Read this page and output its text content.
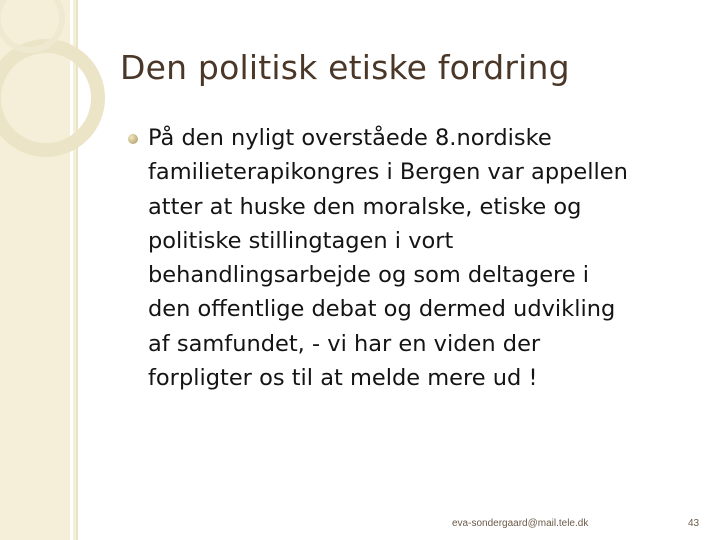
Den politisk etiske fordring
På den nyligt overståede 8.nordiske
familieterapikongres i Bergen var appellen
atter at huske den moralske, etiske og
politiske stillingtagen i vort
behandlingsarbejde og som deltagere i
den offentlige debat og dermed udvikling
af samfundet, - vi har en viden der
forpligter os til at melde mere ud !
eva-sondergaard@mail.tele.dk	43
